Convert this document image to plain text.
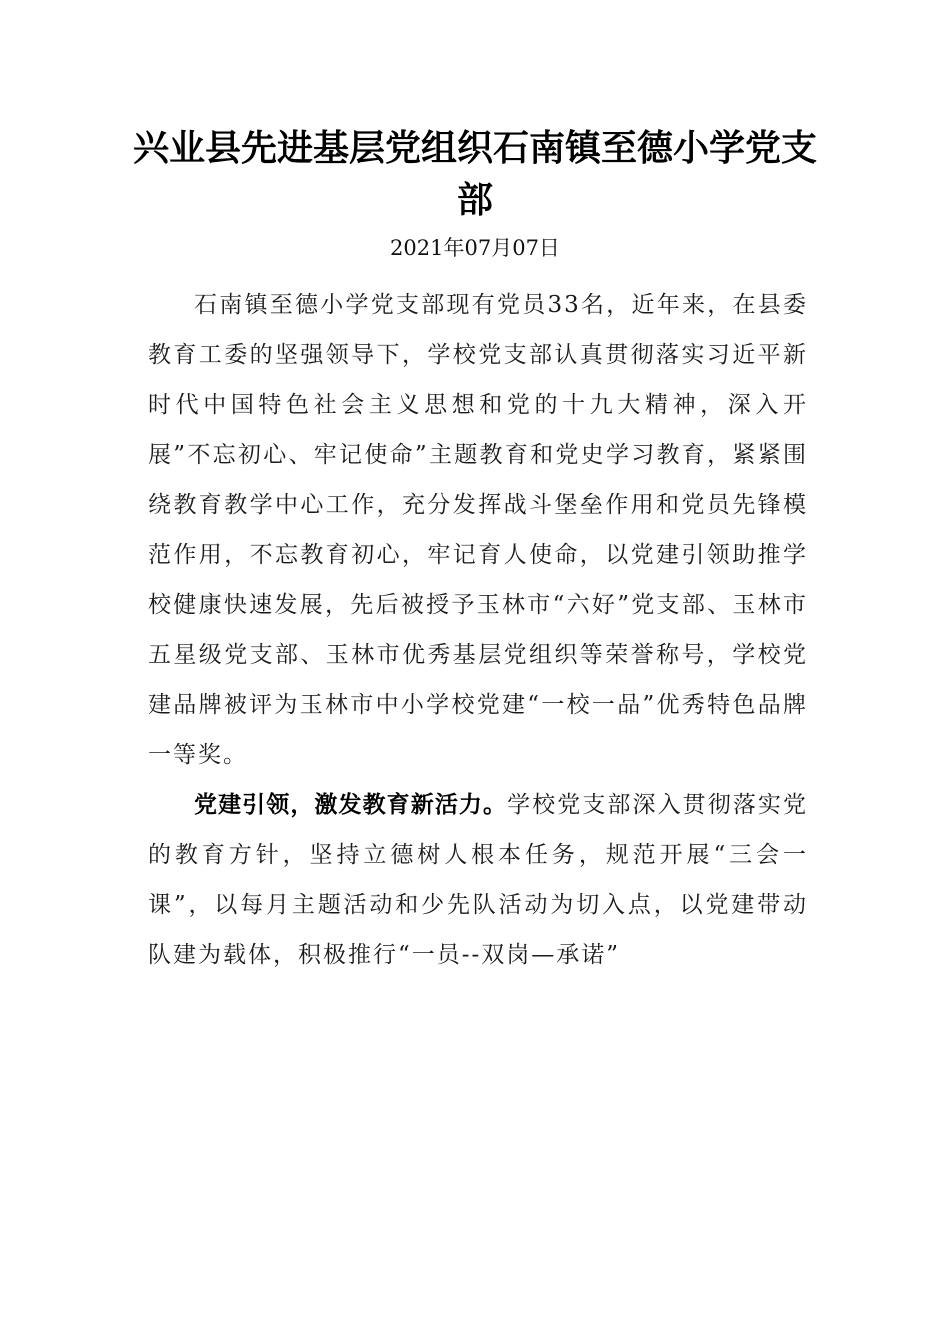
兴业县先进基层党组织石南镇至德小学党支部
2021年07月07日

石南镇至德小学党支部现有党员33名，近年来，在县委教育工委的坚强领导下，学校党支部认真贯彻落实习近平新时代中国特色社会主义思想和党的十九大精神，深入开展”不忘初心、牢记使命”主题教育和党史学习教育，紧紧围绕教育教学中心工作，充分发挥战斗堡垒作用和党员先锋模范作用，不忘教育初心，牢记育人使命，以党建引领助推学校健康快速发展，先后被授予玉林市“六好”党支部、玉林市五星级党支部、玉林市优秀基层党组织等荣誉称号，学校党建品牌被评为玉林市中小学校党建“一校一品”优秀特色品牌一等奖。

党建引领，激发教育新活力。学校党支部深入贯彻落实党的教育方针，坚持立德树人根本任务，规范开展“三会一课”，以每月主题活动和少先队活动为切入点，以党建带动队建为载体，积极推行“一员--双岗—承诺”
